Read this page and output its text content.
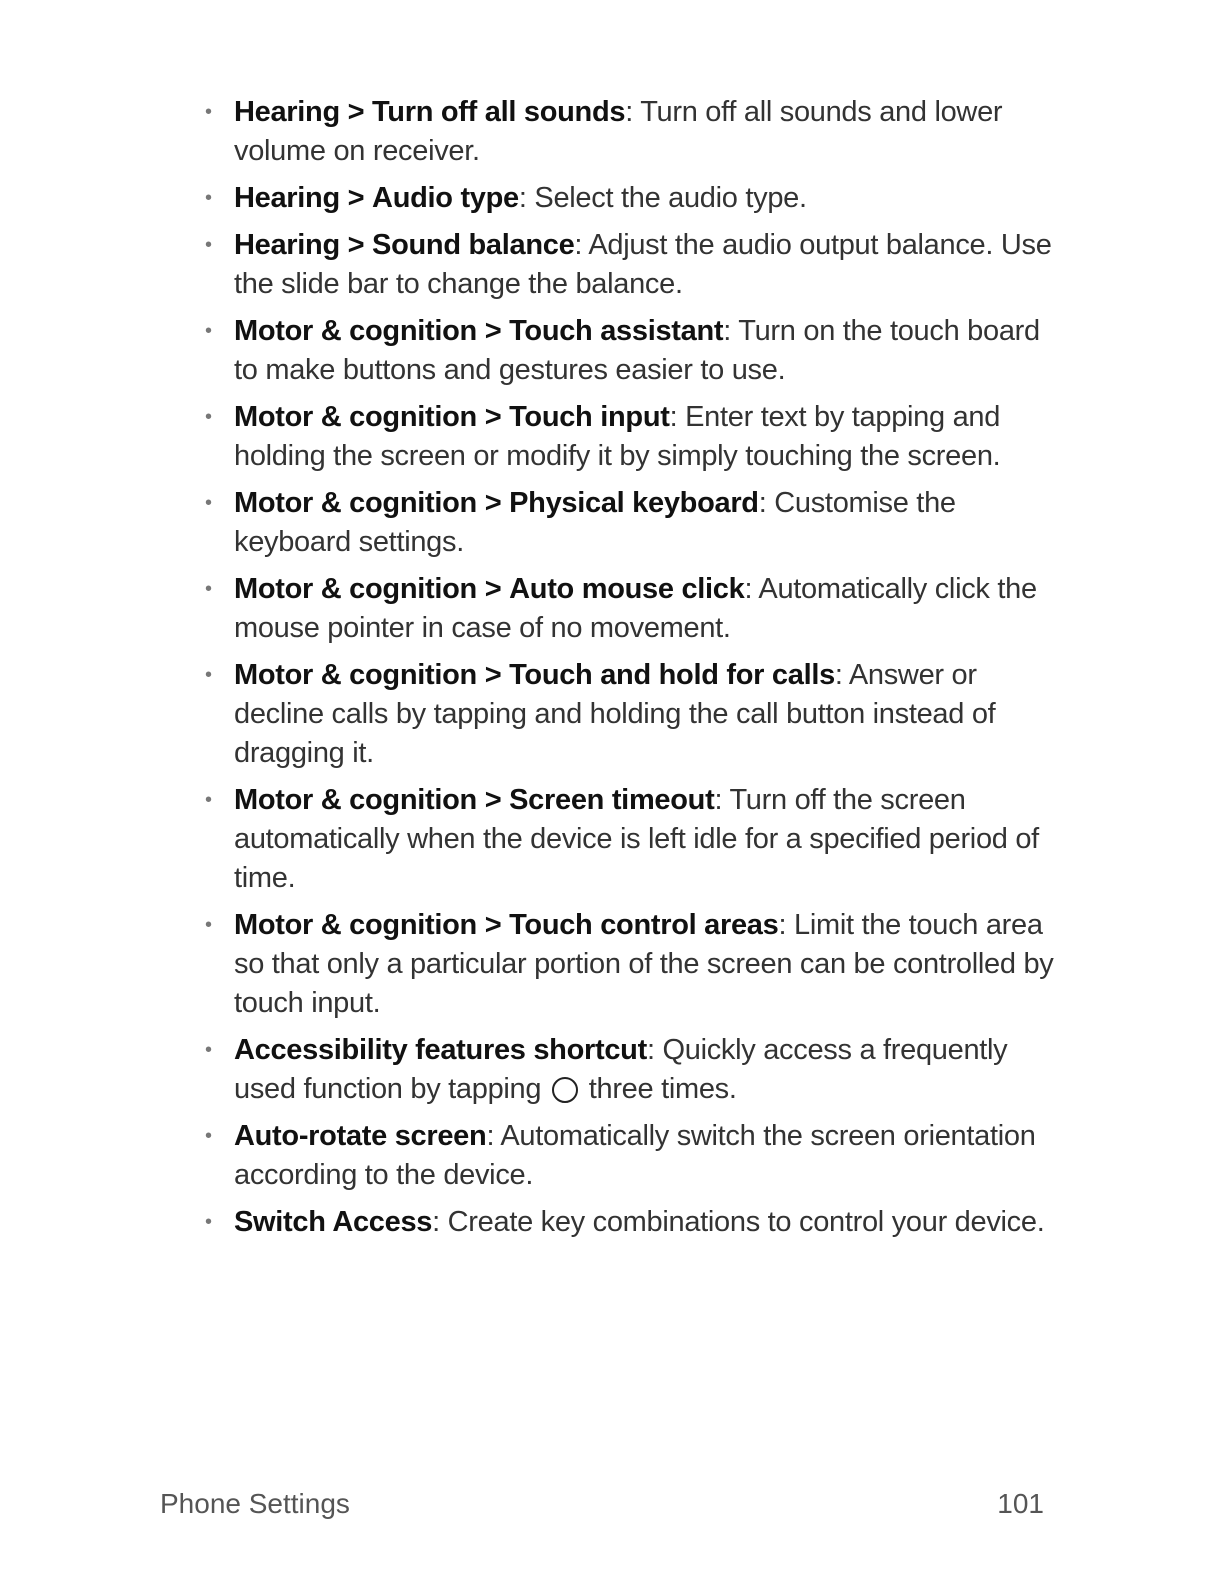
• Hearing > Turn off all sounds: Turn off all sounds and lower volume on receiver.
• Hearing > Audio type: Select the audio type.
• Hearing > Sound balance: Adjust the audio output balance. Use the slide bar to change the balance.
• Motor & cognition > Touch assistant: Turn on the touch board to make buttons and gestures easier to use.
• Motor & cognition > Touch input: Enter text by tapping and holding the screen or modify it by simply touching the screen.
• Motor & cognition > Physical keyboard: Customise the keyboard settings.
• Motor & cognition > Auto mouse click: Automatically click the mouse pointer in case of no movement.
• Motor & cognition > Touch and hold for calls: Answer or decline calls by tapping and holding the call button instead of dragging it.
• Motor & cognition > Screen timeout: Turn off the screen automatically when the device is left idle for a specified period of time.
• Motor & cognition > Touch control areas: Limit the touch area so that only a particular portion of the screen can be controlled by touch input.
• Accessibility features shortcut: Quickly access a frequently used function by tapping three times.
• Auto-rotate screen: Automatically switch the screen orientation according to the device.
• Switch Access: Create key combinations to control your device.
Phone Settings	101
